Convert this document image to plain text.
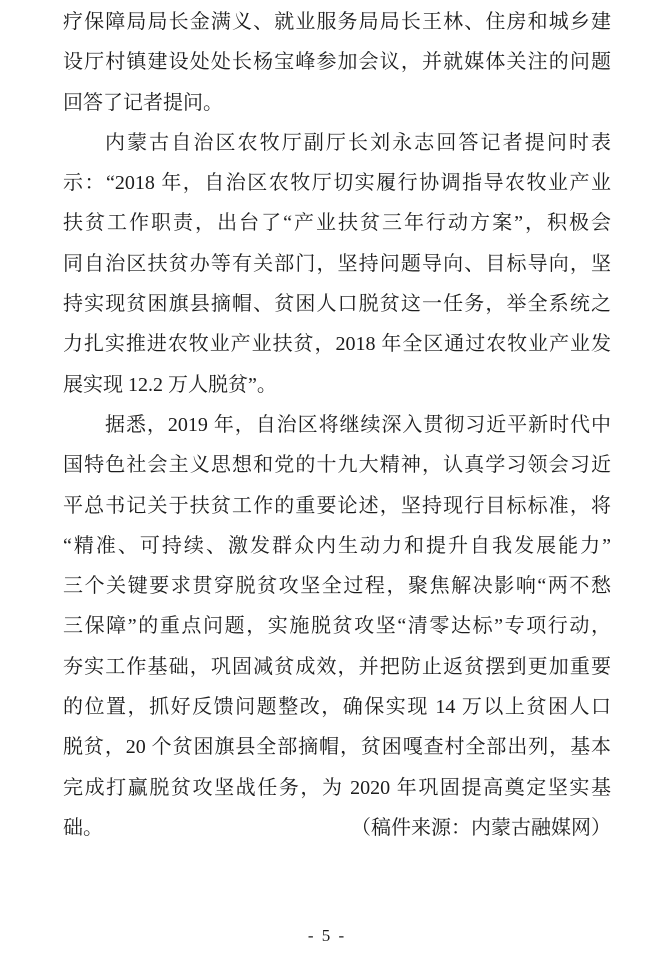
疗保障局局长金满义、就业服务局局长王林、住房和城乡建
设厅村镇建设处处长杨宝峰参加会议，并就媒体关注的问题
回答了记者提问。
内蒙古自治区农牧厅副厅长刘永志回答记者提问时表
示：“2018 年，自治区农牧厅切实履行协调指导农牧业产业
扶贫工作职责，出台了“产业扶贫三年行动方案”，积极会
同自治区扶贫办等有关部门，坚持问题导向、目标导向，坚
持实现贫困旗县摘帽、贫困人口脱贫这一任务，举全系统之
力扎实推进农牧业产业扶贫，2018 年全区通过农牧业产业发
展实现 12.2 万人脱贫”。
据悉，2019 年，自治区将继续深入贯彻习近平新时代中
国特色社会主义思想和党的十九大精神，认真学习领会习近
平总书记关于扶贫工作的重要论述，坚持现行目标标准，将
“精准、可持续、激发群众内生动力和提升自我发展能力”
三个关键要求贯穿脱贫攻坚全过程，聚焦解决影响“两不愁
三保障”的重点问题，实施脱贫攻坚“清零达标”专项行动，
夯实工作基础，巩固减贫成效，并把防止返贫摆到更加重要
的位置，抓好反馈问题整改，确保实现 14 万以上贫困人口
脱贫，20 个贫困旗县全部摘帽，贫困嘎查村全部出列，基本
完成打赢脱贫攻坚战任务，为 2020 年巩固提高奠定坚实基
础。	（稿件来源：内蒙古融媒网）
- 5 -
